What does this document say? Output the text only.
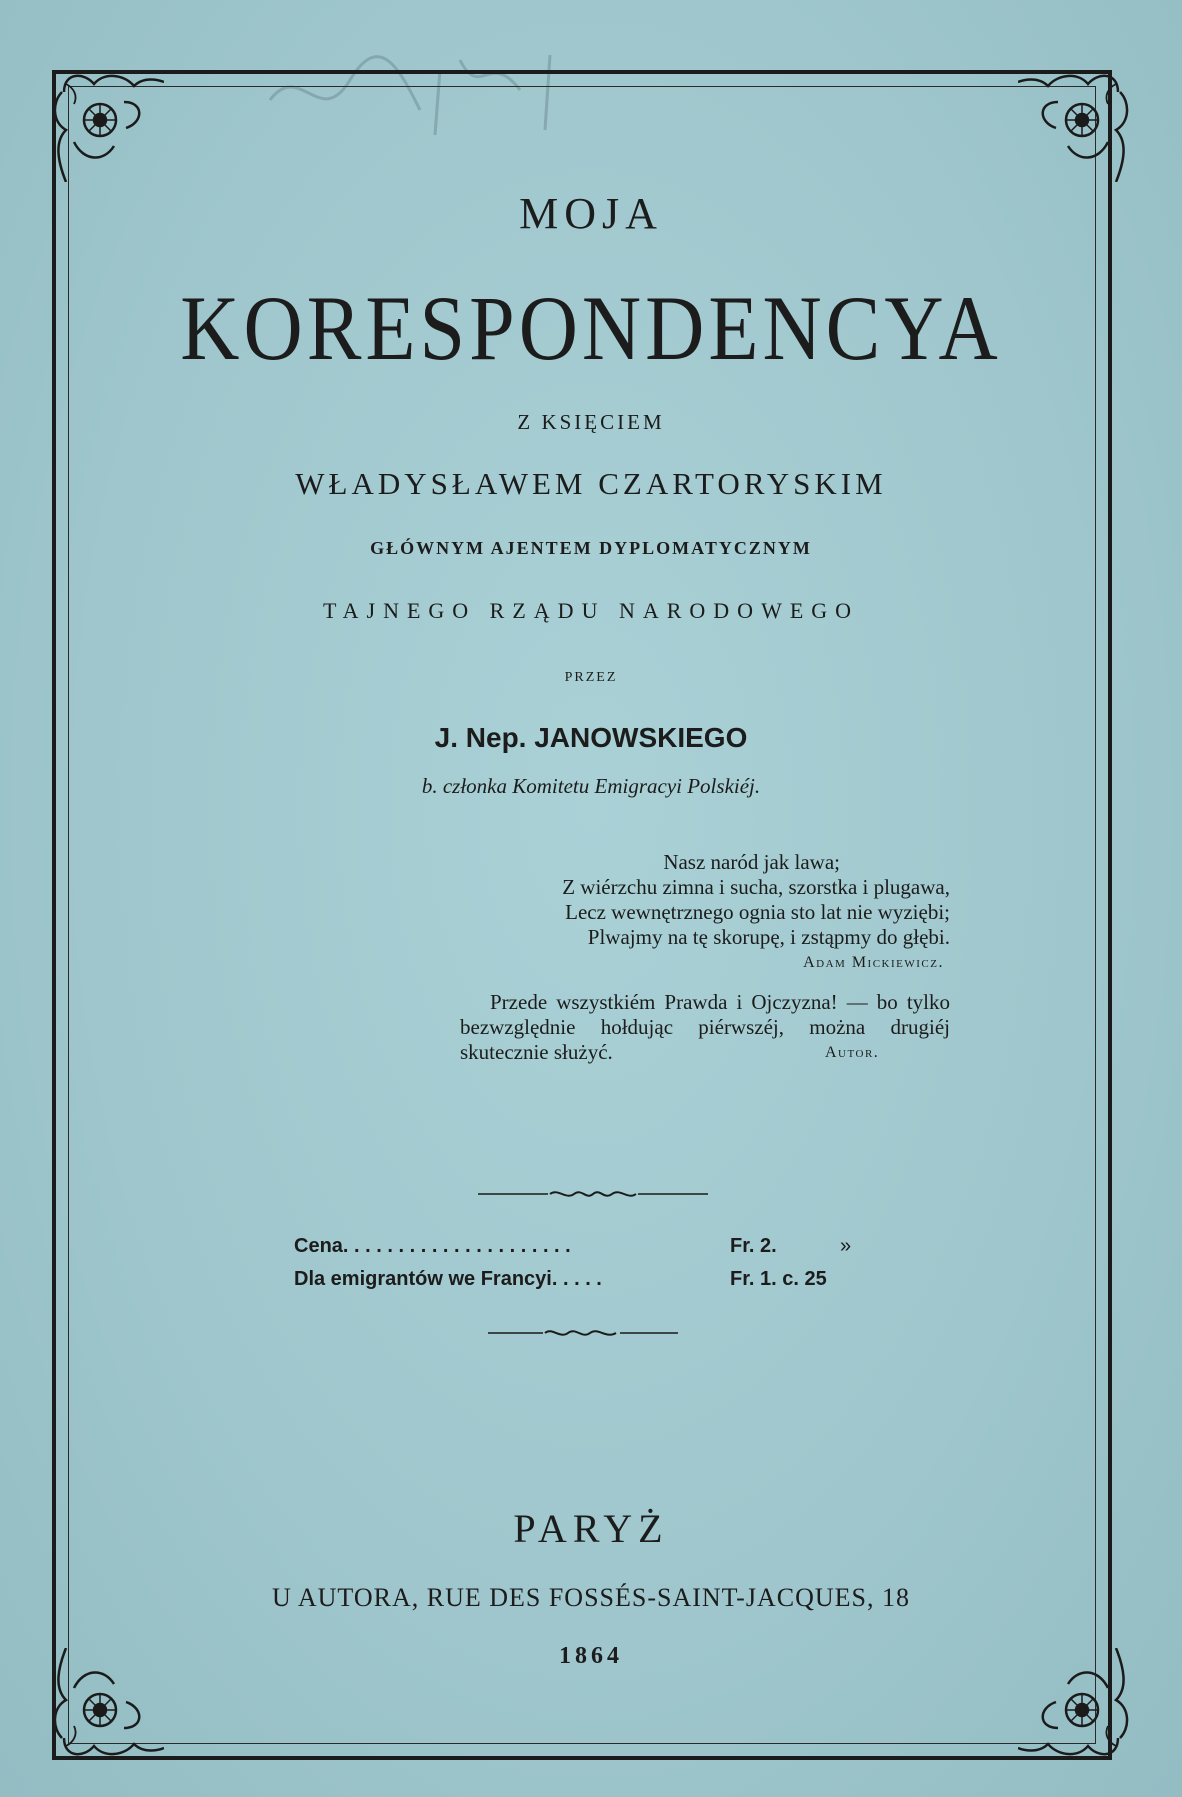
MOJA
KORESPONDENCYA
Z KSIĘCIEM
WŁADYSŁAWEM CZARTORYSKIM
GŁÓWNYM AJENTEM DYPLOMATYCZNYM
TAJNEGO RZĄDU NARODOWEGO
PRZEZ
J. Nep. JANOWSKIEGO
b. członka Komitetu Emigracyi Polskiéj.
Nasz naród jak lawa;
Z wiérzchu zimna i sucha, szorstka i plugawa,
Lecz wewnętrznego ognia sto lat nie wyziębi;
Plwajmy na tę skorupę, i zstąpmy do głębi.
Adam Mickiewicz.
Przede wszystkiém Prawda i Ojczyzna! — bo tylko bezwzględnie hołdując piérwszéj, można drugiéj skutecznie służyć.	Autor.
Cena. . . . . . . . . . . . . . . . . . . . .	Fr. 2.	»
Dla emigrantów we Francyi. . . . .	Fr. 1. c. 25
PARYŻ
U AUTORA, RUE DES FOSSÉS-SAINT-JACQUES, 18
1864
